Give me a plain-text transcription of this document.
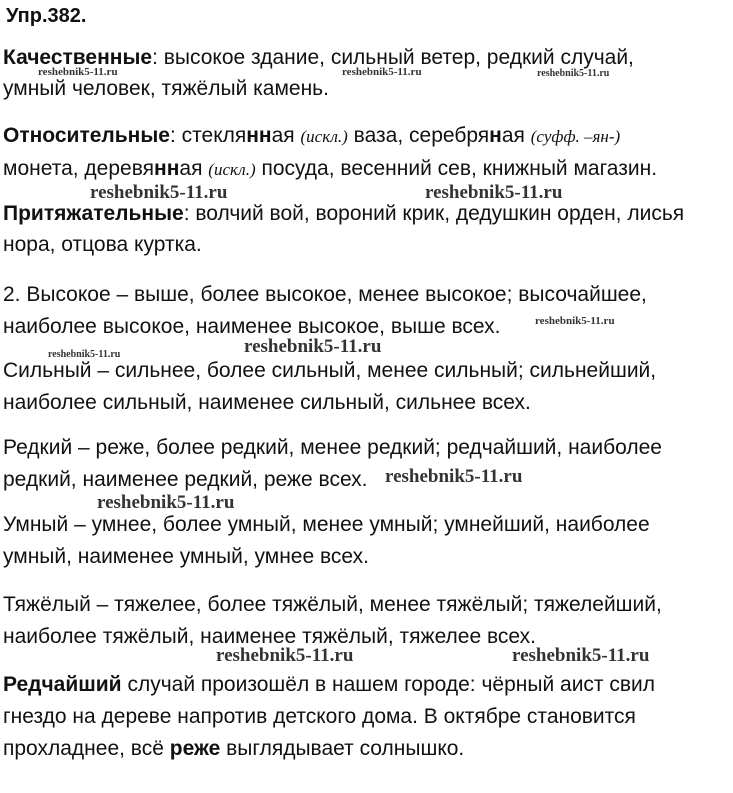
Упр.382.
Качественные: высокое здание, сильный ветер, редкий случай,
умный человек, тяжёлый камень.
Относительные: стеклянная (искл.) ваза, серебряная (суфф. –ян-)
монета, деревянная (искл.) посуда, весенний сев, книжный магазин.
Притяжательные: волчий вой, вороний крик, дедушкин орден, лисья
нора, отцова куртка.
2. Высокое – выше, более высокое, менее высокое; высочайшее,
наиболее высокое, наименее высокое, выше всех.
Сильный – сильнее, более сильный, менее сильный; сильнейший,
наиболее сильный, наименее сильный, сильнее всех.
Редкий – реже, более редкий, менее редкий; редчайший, наиболее
редкий, наименее редкий, реже всех.
Умный – умнее, более умный, менее умный; умнейший, наиболее
умный, наименее умный, умнее всех.
Тяжёлый – тяжелее, более тяжёлый, менее тяжёлый; тяжелейший,
наиболее тяжёлый, наименее тяжёлый, тяжелее всех.
Редчайший случай произошёл в нашем городе: чёрный аист свил
гнездо на дереве напротив детского дома. В октябре становится
прохладнее, всё реже выглядывает солнышко.
reshebnik5-11.ru	reshebnik5-11.ru	reshebnik5-11.ru
reshebnik5-11.ru	reshebnik5-11.ru
reshebnik5-11.ru
reshebnik5-11.ru	reshebnik5-11.ru
reshebnik5-11.ru
reshebnik5-11.ru
reshebnik5-11.ru	reshebnik5-11.ru
